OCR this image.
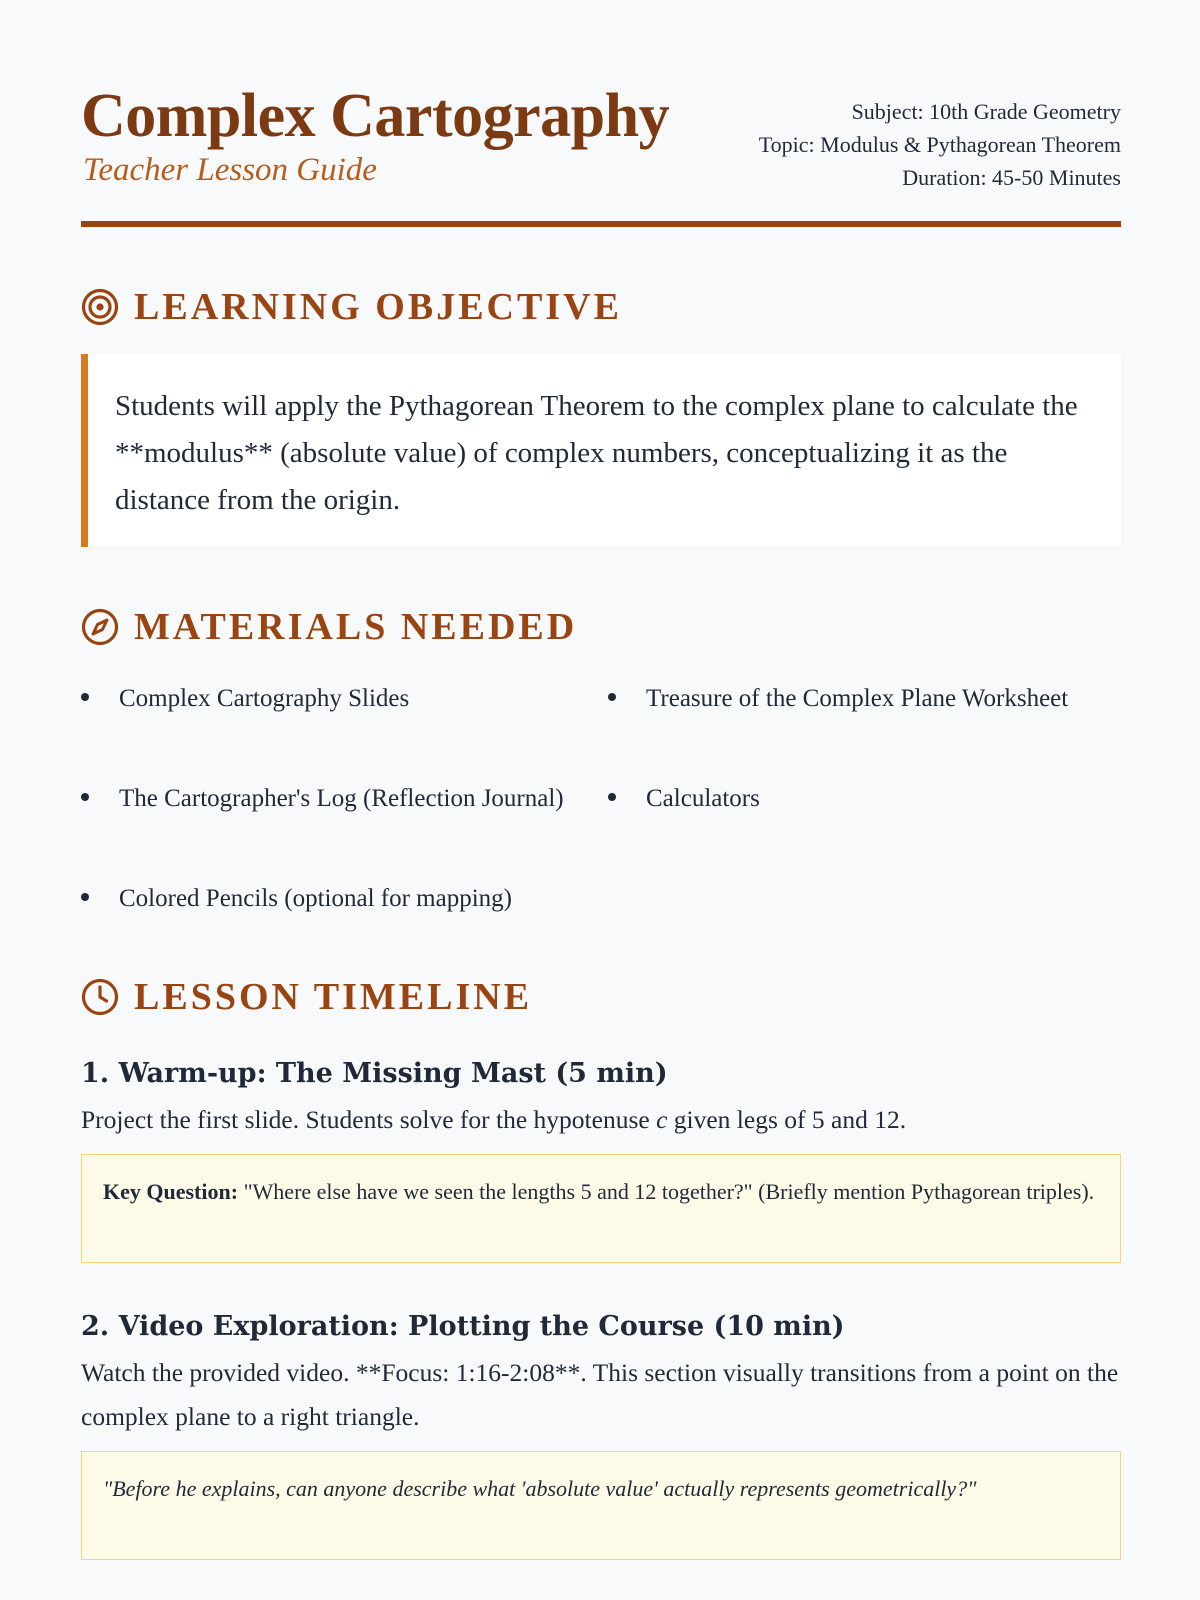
Complex Cartography
Teacher Lesson Guide
Subject: 10th Grade Geometry
Topic: Modulus & Pythagorean Theorem
Duration: 45-50 Minutes
LEARNING OBJECTIVE
Students will apply the Pythagorean Theorem to the complex plane to calculate the **modulus** (absolute value) of complex numbers, conceptualizing it as the distance from the origin.
MATERIALS NEEDED
Complex Cartography Slides	Treasure of the Complex Plane Worksheet
The Cartographer's Log (Reflection Journal)	Calculators
Colored Pencils (optional for mapping)
LESSON TIMELINE
1. Warm-up: The Missing Mast (5 min)
Project the first slide. Students solve for the hypotenuse c given legs of 5 and 12.
Key Question: "Where else have we seen the lengths 5 and 12 together?" (Briefly mention Pythagorean triples).
2. Video Exploration: Plotting the Course (10 min)
Watch the provided video. **Focus: 1:16-2:08**. This section visually transitions from a point on the complex plane to a right triangle.
"Before he explains, can anyone describe what 'absolute value' actually represents geometrically?"
